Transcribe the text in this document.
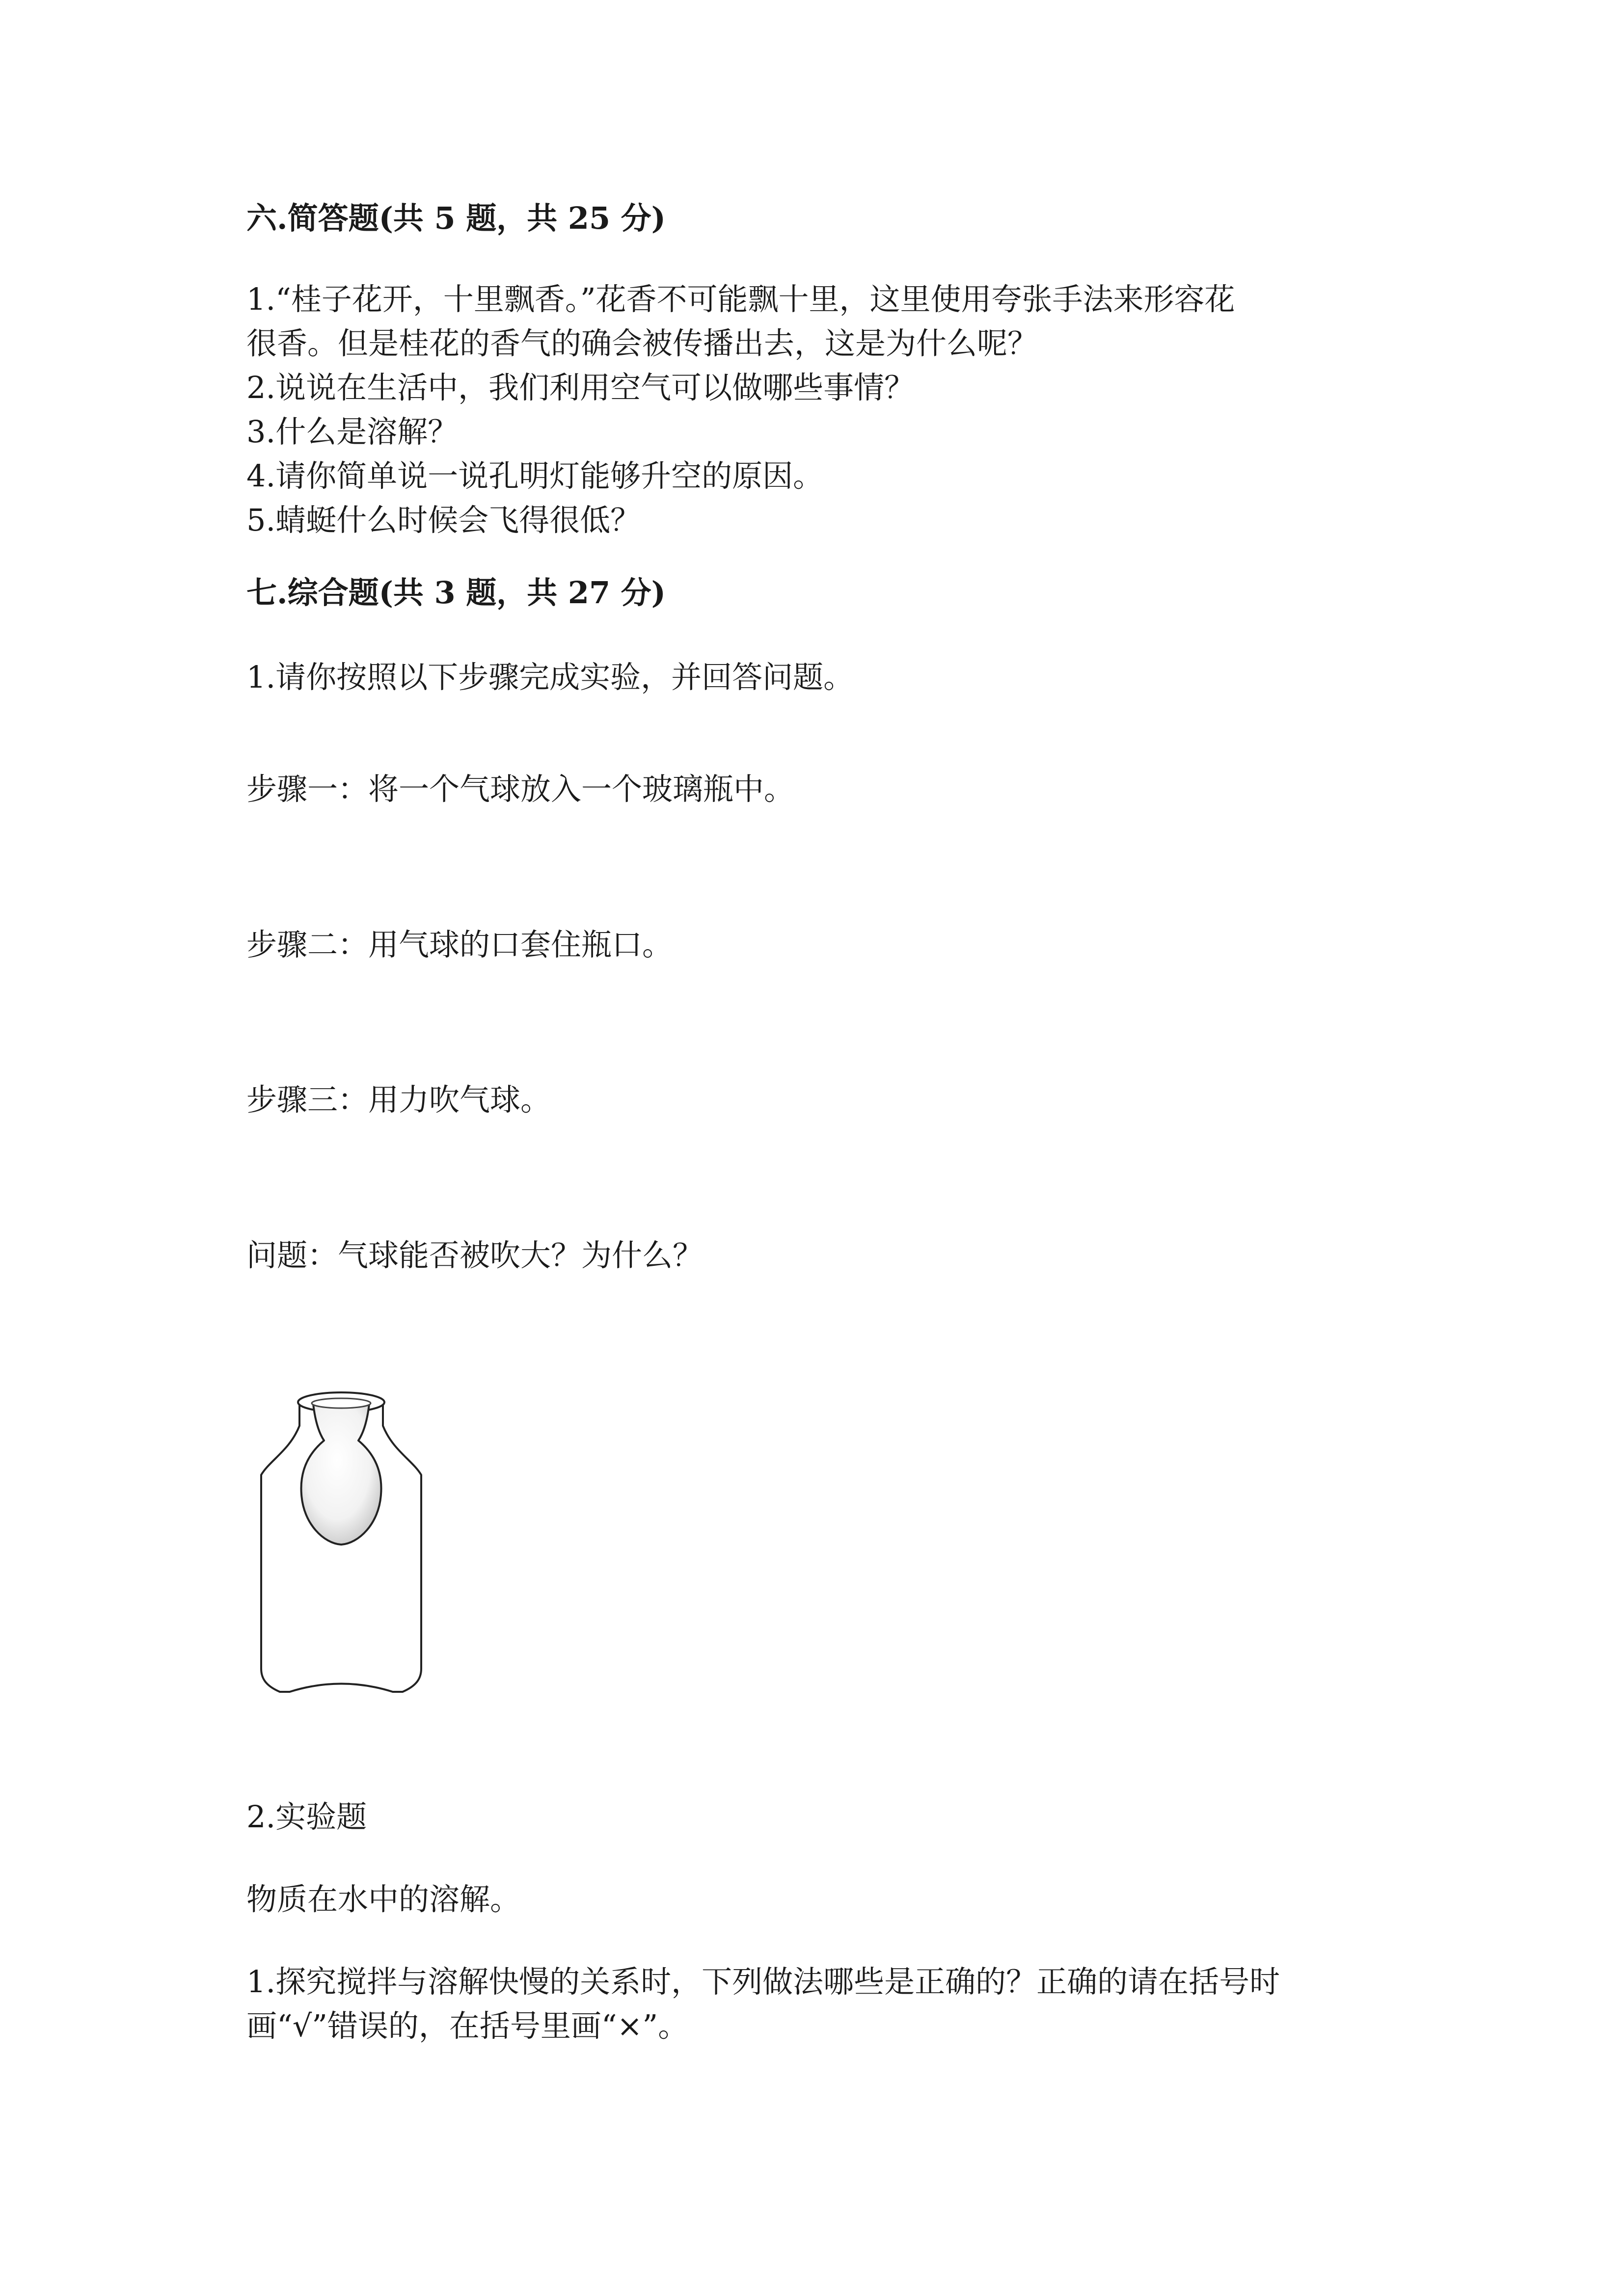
六.简答题(共 5 题，共 25 分)

1.“桂子花开，十里飘香。”花香不可能飘十里，这里使用夸张手法来形容花

很香。但是桂花的香气的确会被传播出去，这是为什么呢？

2.说说在生活中，我们利用空气可以做哪些事情？

3.什么是溶解？

4.请你简单说一说孔明灯能够升空的原因。

5.蜻蜓什么时候会飞得很低？

七.综合题(共 3 题，共 27 分)

1.请你按照以下步骤完成实验，并回答问题。

步骤一：将一个气球放入一个玻璃瓶中。

步骤二：用气球的口套住瓶口。

步骤三：用力吹气球。

问题：气球能否被吹大？为什么？

2.实验题

物质在水中的溶解。

1.探究搅拌与溶解快慢的关系时，下列做法哪些是正确的？正确的请在括号时

画“√”错误的，在括号里画“×”。
